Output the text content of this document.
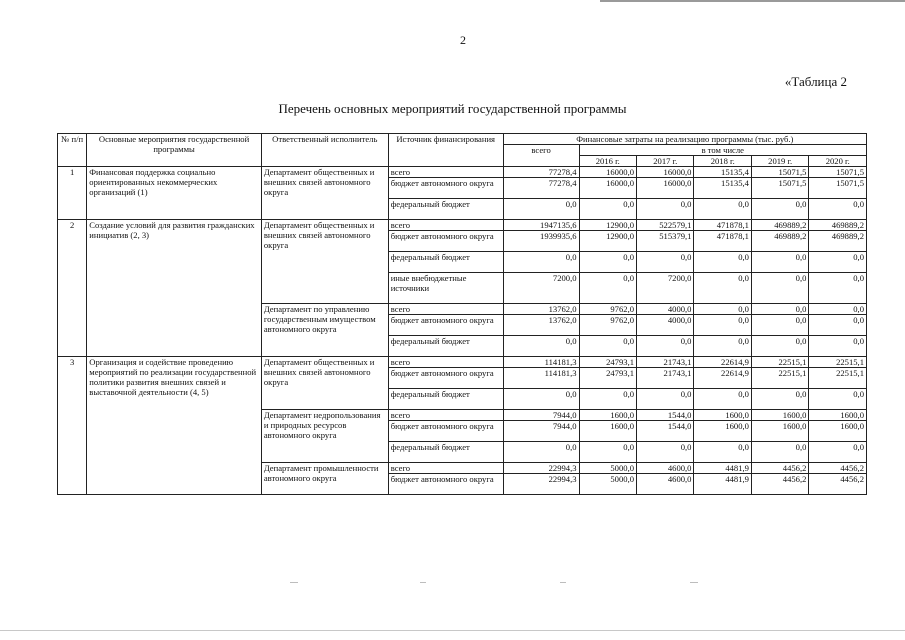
2
«Таблица 2
Перечень основных мероприятий государственной программы
№ п/п	Основные мероприятия государственной программы	Ответственный исполнитель	Источник финансирования	Финансовые затраты на реализацию программы (тыс. руб.)					
				всего	в том числе				
					2016 г.	2017 г.	2018 г.	2019 г.	2020 г.
1	Финансовая поддержка социально ориентированных некоммерческих организаций (1)	Департамент общественных и внешних связей автономного округа	всего	77278,4	16000,0	16000,0	15135,4	15071,5	15071,5
			бюджет автономного округа	77278,4	16000,0	16000,0	15135,4	15071,5	15071,5
			федеральный бюджет	0,0	0,0	0,0	0,0	0,0	0,0
2	Создание условий для развития гражданских инициатив (2, 3)	Департамент общественных и внешних связей автономного округа	всего	1947135,6	12900,0	522579,1	471878,1	469889,2	469889,2
			бюджет автономного округа	1939935,6	12900,0	515379,1	471878,1	469889,2	469889,2
			федеральный бюджет	0,0	0,0	0,0	0,0	0,0	0,0
			иные внебюджетные источники	7200,0	0,0	7200,0	0,0	0,0	0,0
		Департамент по управлению государственным имуществом автономного округа	всего	13762,0	9762,0	4000,0	0,0	0,0	0,0
			бюджет автономного округа	13762,0	9762,0	4000,0	0,0	0,0	0,0
			федеральный бюджет	0,0	0,0	0,0	0,0	0,0	0,0
3	Организация и содействие проведению мероприятий по реализации государственной политики развития внешних связей и выставочной деятельности (4, 5)	Департамент общественных и внешних связей автономного округа	всего	114181,3	24793,1	21743,1	22614,9	22515,1	22515,1
			бюджет автономного округа	114181,3	24793,1	21743,1	22614,9	22515,1	22515,1
			федеральный бюджет	0,0	0,0	0,0	0,0	0,0	0,0
		Департамент недропользования и природных ресурсов автономного округа	всего	7944,0	1600,0	1544,0	1600,0	1600,0	1600,0
			бюджет автономного округа	7944,0	1600,0	1544,0	1600,0	1600,0	1600,0
			федеральный бюджет	0,0	0,0	0,0	0,0	0,0	0,0
		Департамент промышленности автономного округа	всего	22994,3	5000,0	4600,0	4481,9	4456,2	4456,2
			бюджет автономного округа	22994,3	5000,0	4600,0	4481,9	4456,2	4456,2
